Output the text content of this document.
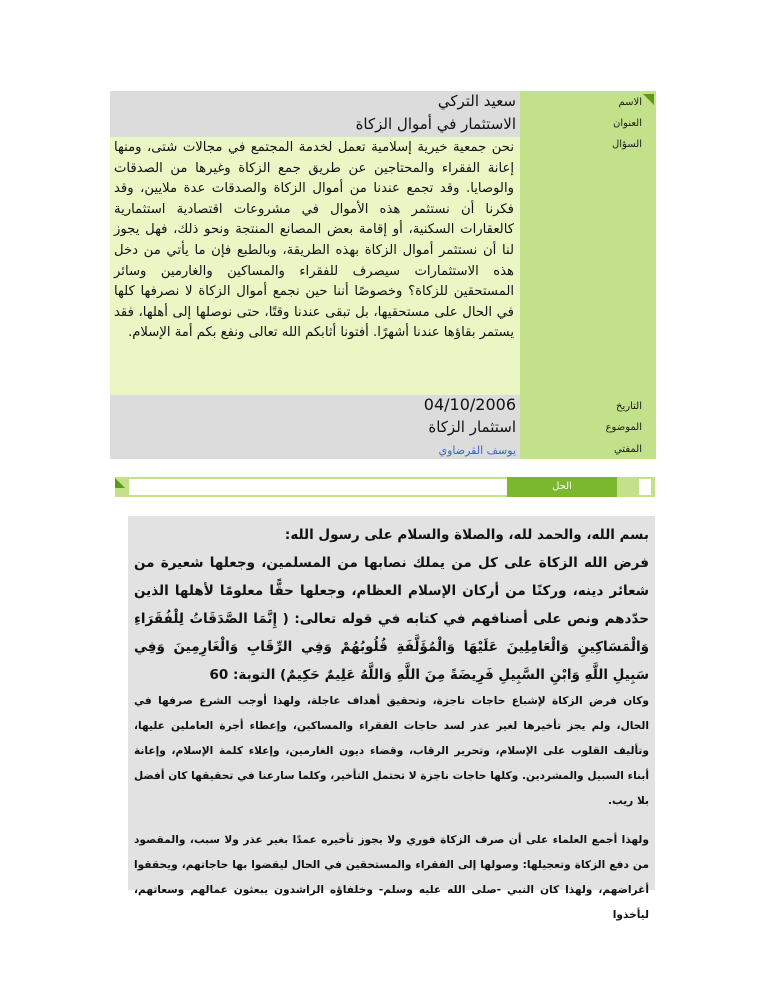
الاسم
العنوان
السؤال
التاريخ
الموضوع
المفتي
سعيد التركي
الاستثمار في أموال الزكاة
نحن جمعية خيرية إسلامية تعمل لخدمة المجتمع في مجالات شتى، ومنها إعانة الفقراء والمحتاجين عن طريق جمع الزكاة وغيرها من الصدقات والوصايا. وقد تجمع عندنا من أموال الزكاة والصدقات عدة ملايين، وقد فكرنا أن نستثمر هذه الأموال في مشروعات اقتصادية استثمارية كالعقارات السكنية، أو إقامة بعض المصانع المنتجة ونحو ذلك، فهل يجوز لنا أن نستثمر أموال الزكاة بهذه الطريقة، وبالطبع فإن ما يأتي من دخل هذه الاستثمارات سيصرف للفقراء والمساكين والغارمين وسائر المستحقين للزكاة؟ وخصوصًا أننا حين نجمع أموال الزكاة لا نصرفها كلها في الحال على مستحقيها، بل تبقى عندنا وقتًا، حتى نوصلها إلى أهلها، فقد يستمر بقاؤها عندنا أشهرًا. أفتونا أثابكم الله تعالى ونفع بكم أمة الإسلام.
04/10/2006
استثمار الزكاة
يوسف القرضاوي
الحل

بسم الله، والحمد لله، والصلاة والسلام على رسول الله:

فرض الله الزكاة على كل من يملك نصابها من المسلمين، وجعلها شعيرة من شعائر دينه، وركنًا من أركان الإسلام العظام، وجعلها حقًّا معلومًا لأهلها الذين حدّدهم ونص على أصنافهم في كتابه في قوله تعالى: ( إِنَّمَا الصَّدَقَاتُ لِلْفُقَرَاءِ وَالْمَسَاكِينِ وَالْعَامِلِينَ عَلَيْهَا وَالْمُؤَلَّفَةِ قُلُوبُهُمْ وَفِي الرِّقَابِ وَالْغَارِمِينَ وَفِي سَبِيلِ اللَّهِ وَابْنِ السَّبِيلِ فَرِيضَةً مِنَ اللَّهِ وَاللَّهُ عَلِيمٌ حَكِيمٌ) التوبة: 60

وكان فرض الزكاة لإشباع حاجات ناجزة، وتحقيق أهداف عاجلة، ولهذا أوجب الشرع صرفها في الحال، ولم يجز تأخيرها لغير عذر لسد حاجات الفقراء والمساكين، وإعطاء أجرة العاملين عليها، وتأليف القلوب على الإسلام، وتحرير الرقاب، وقضاء ديون الغارمين، وإعلاء كلمة الإسلام، وإعانة أبناء السبيل والمشردين. وكلها حاجات ناجزة لا تحتمل التأخير، وكلما سارعنا في تحقيقها كان أفضل بلا ريب.

ولهذا أجمع العلماء على أن صرف الزكاة فوري ولا يجوز تأخيره عمدًا بغير عذر ولا سبب، والمقصود من دفع الزكاة وتعجيلها: وصولها إلى الفقراء والمستحقين في الحال ليقضوا بها حاجاتهم، ويحققوا أغراضهم، ولهذا كان النبي -صلى الله عليه وسلم- وخلفاؤه الراشدون يبعثون عمالهم وسعاتهم، ليأخذوا
